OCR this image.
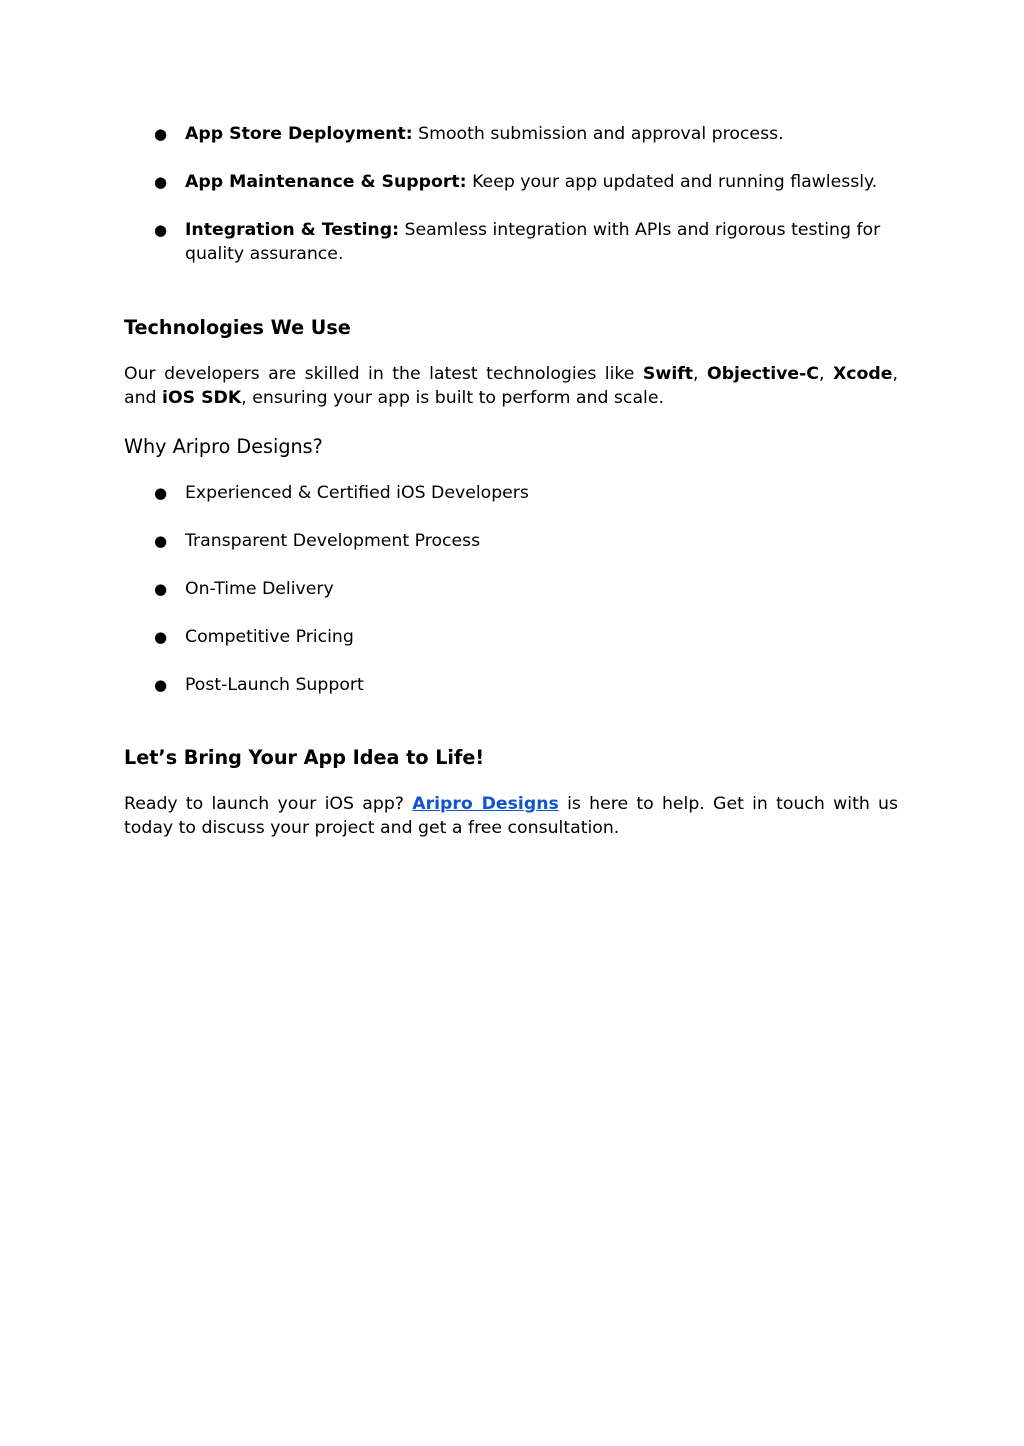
● App Store Deployment: Smooth submission and approval process.
● App Maintenance & Support: Keep your app updated and running flawlessly.
● Integration & Testing: Seamless integration with APIs and rigorous testing for
quality assurance.
Technologies We Use
Our developers are skilled in the latest technologies like Swift, Objective-C, Xcode,
and iOS SDK, ensuring your app is built to perform and scale.
Why Aripro Designs?
● Experienced & Certified iOS Developers
● Transparent Development Process
● On-Time Delivery
● Competitive Pricing
● Post-Launch Support
Let’s Bring Your App Idea to Life!
Ready to launch your iOS app? Aripro Designs is here to help. Get in touch with us
today to discuss your project and get a free consultation.
